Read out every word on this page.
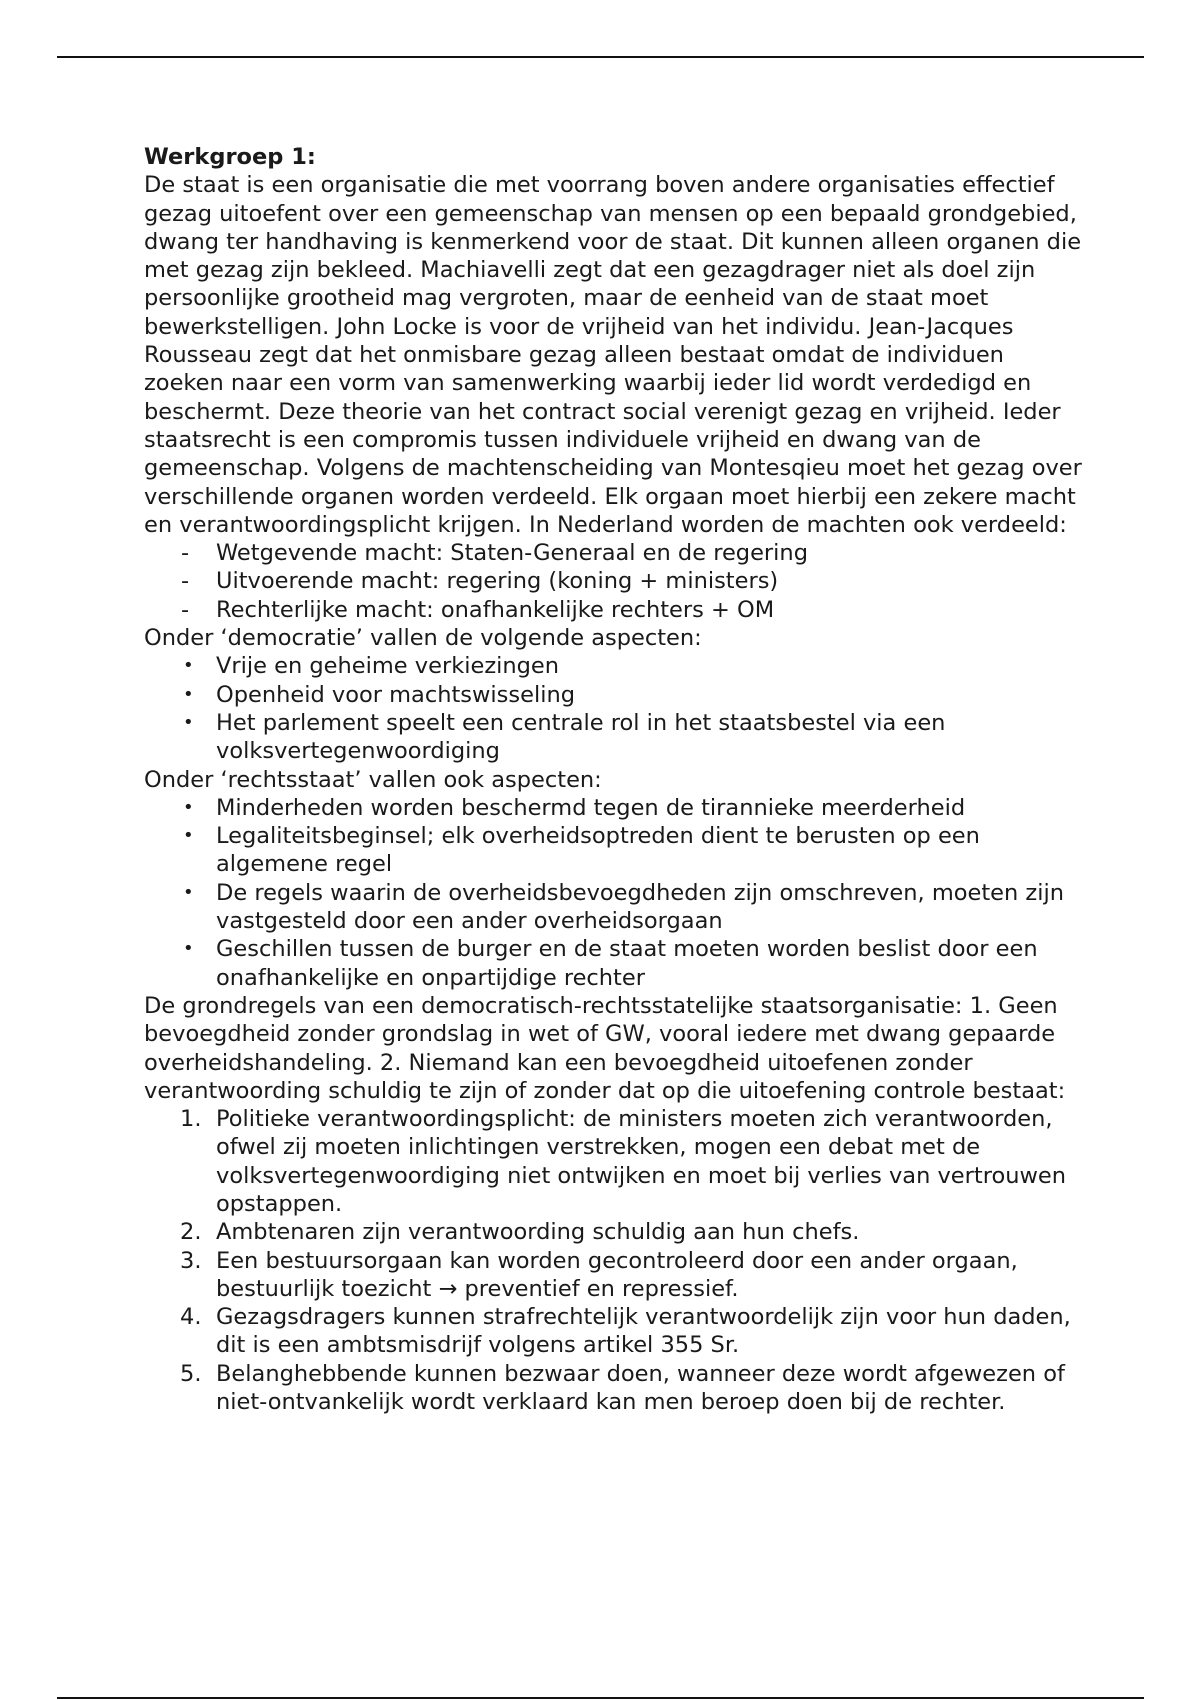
Werkgroep 1:

De staat is een organisatie die met voorrang boven andere organisaties effectief gezag uitoefent over een gemeenschap van mensen op een bepaald grondgebied, dwang ter handhaving is kenmerkend voor de staat. Dit kunnen alleen organen die met gezag zijn bekleed. Machiavelli zegt dat een gezagdrager niet als doel zijn persoonlijke grootheid mag vergroten, maar de eenheid van de staat moet bewerkstelligen. John Locke is voor de vrijheid van het individu. Jean-Jacques Rousseau zegt dat het onmisbare gezag alleen bestaat omdat de individuen zoeken naar een vorm van samenwerking waarbij ieder lid wordt verdedigd en beschermt. Deze theorie van het contract social verenigt gezag en vrijheid. Ieder staatsrecht is een compromis tussen individuele vrijheid en dwang van de gemeenschap. Volgens de machtenscheiding van Montesqieu moet het gezag over verschillende organen worden verdeeld. Elk orgaan moet hierbij een zekere macht en verantwoordingsplicht krijgen. In Nederland worden de machten ook verdeeld:

-	Wetgevende macht: Staten-Generaal en de regering
-	Uitvoerende macht: regering (koning + ministers)
-	Rechterlijke macht: onafhankelijke rechters + OM

Onder ‘democratie’ vallen de volgende aspecten:

• Vrije en geheime verkiezingen
• Openheid voor machtswisseling
• Het parlement speelt een centrale rol in het staatsbestel via een volksvertegenwoordiging

Onder ‘rechtsstaat’ vallen ook aspecten:

• Minderheden worden beschermd tegen de tirannieke meerderheid
• Legaliteitsbeginsel; elk overheidsoptreden dient te berusten op een algemene regel
• De regels waarin de overheidsbevoegdheden zijn omschreven, moeten zijn vastgesteld door een ander overheidsorgaan
• Geschillen tussen de burger en de staat moeten worden beslist door een onafhankelijke en onpartijdige rechter

De grondregels van een democratisch-rechtsstatelijke staatsorganisatie: 1. Geen bevoegdheid zonder grondslag in wet of GW, vooral iedere met dwang gepaarde overheidshandeling. 2. Niemand kan een bevoegdheid uitoefenen zonder verantwoording schuldig te zijn of zonder dat op die uitoefening controle bestaat:

1. Politieke verantwoordingsplicht: de ministers moeten zich verantwoorden, ofwel zij moeten inlichtingen verstrekken, mogen een debat met de volksvertegenwoordiging niet ontwijken en moet bij verlies van vertrouwen opstappen.
2. Ambtenaren zijn verantwoording schuldig aan hun chefs.
3. Een bestuursorgaan kan worden gecontroleerd door een ander orgaan, bestuurlijk toezicht → preventief en repressief.
4. Gezagsdragers kunnen strafrechtelijk verantwoordelijk zijn voor hun daden, dit is een ambtsmisdrijf volgens artikel 355 Sr.
5. Belanghebbende kunnen bezwaar doen, wanneer deze wordt afgewezen of niet-ontvankelijk wordt verklaard kan men beroep doen bij de rechter.
